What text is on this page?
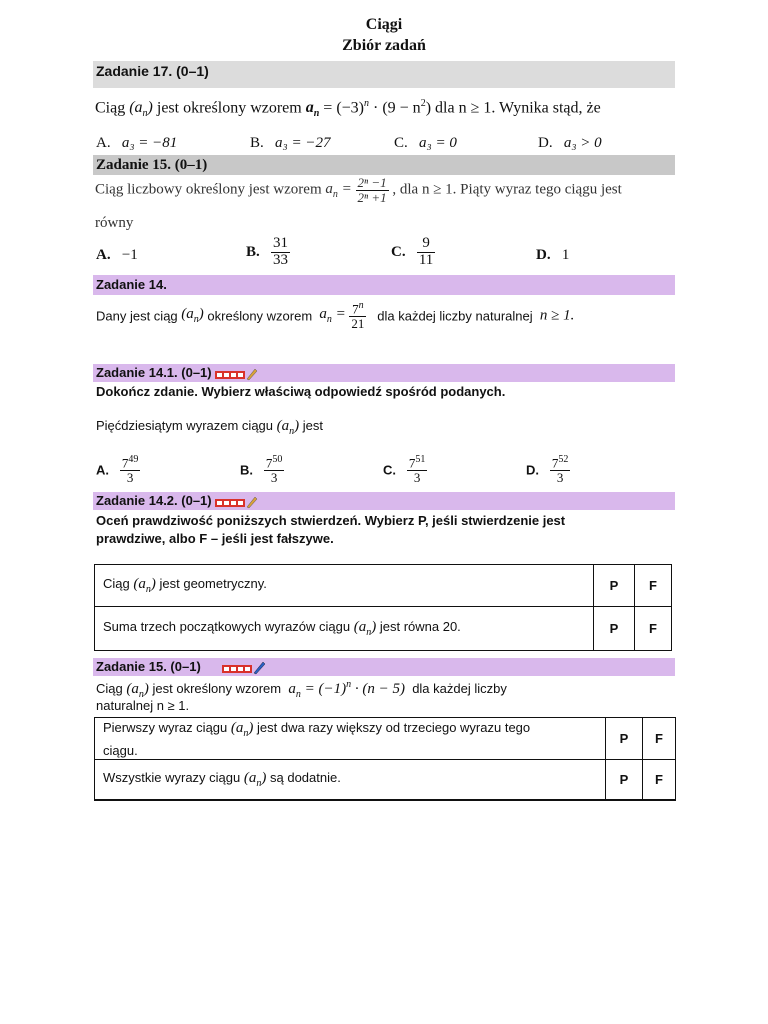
Ciągi
Zbiór zadań
Zadanie 17. (0–1)
Ciąg $(a_n)$ jest określony wzorem $a_n = (-3)^n \cdot (9 - n^2)$ dla n ≥ 1. Wynika stąd, że
A. a₃ = −81	B. a₃ = −27	C. a₃ = 0	D. a₃ > 0
Zadanie 15. (0–1)
Ciąg liczbowy określony jest wzorem $a_n = \frac{\text{2ⁿ −1}}{\text{2ⁿ +1}}$ , dla n ≥ 1. Piąty wyraz tego ciągu jest
równy
A. −1	B. $\frac{31}{33}$	C. $\frac{9}{11}$	D. 1
Zadanie 14.
Dany jest ciąg $(a_n)$ określony wzorem $a_n = \frac{7^n}{21}$ dla każdej liczby naturalnej n ≥ 1.
Zadanie 14.1. (0–1)
Dokończ zdanie. Wybierz właściwą odpowiedź spośród podanych.
Pięćdziesiątym wyrazem ciągu $(a_n)$ jest
A. $\frac{7^{49}}{3}$	B. $\frac{7^{50}}{3}$	C. $\frac{7^{51}}{3}$	D. $\frac{7^{52}}{3}$
Zadanie 14.2. (0–1)
Oceń prawdziwość poniższych stwierdzeń. Wybierz P, jeśli stwierdzenie jest
prawdziwe, albo F – jeśli jest fałszywe.
Ciąg $(a_n)$ jest geometryczny.	P	F
Suma trzech początkowych wyrazów ciągu $(a_n)$ jest równa 20.	P	F
Zadanie 15. (0–1)
Ciąg $(a_n)$ jest określony wzorem $a_n = (-1)^n \cdot (n - 5)$ dla każdej liczby
naturalnej n ≥ 1.
Pierwszy wyraz ciągu $(a_n)$ jest dwa razy większy od trzeciego wyrazu tego
ciągu.	P	F
Wszystkie wyrazy ciągu $(a_n)$ są dodatnie.	P	F
